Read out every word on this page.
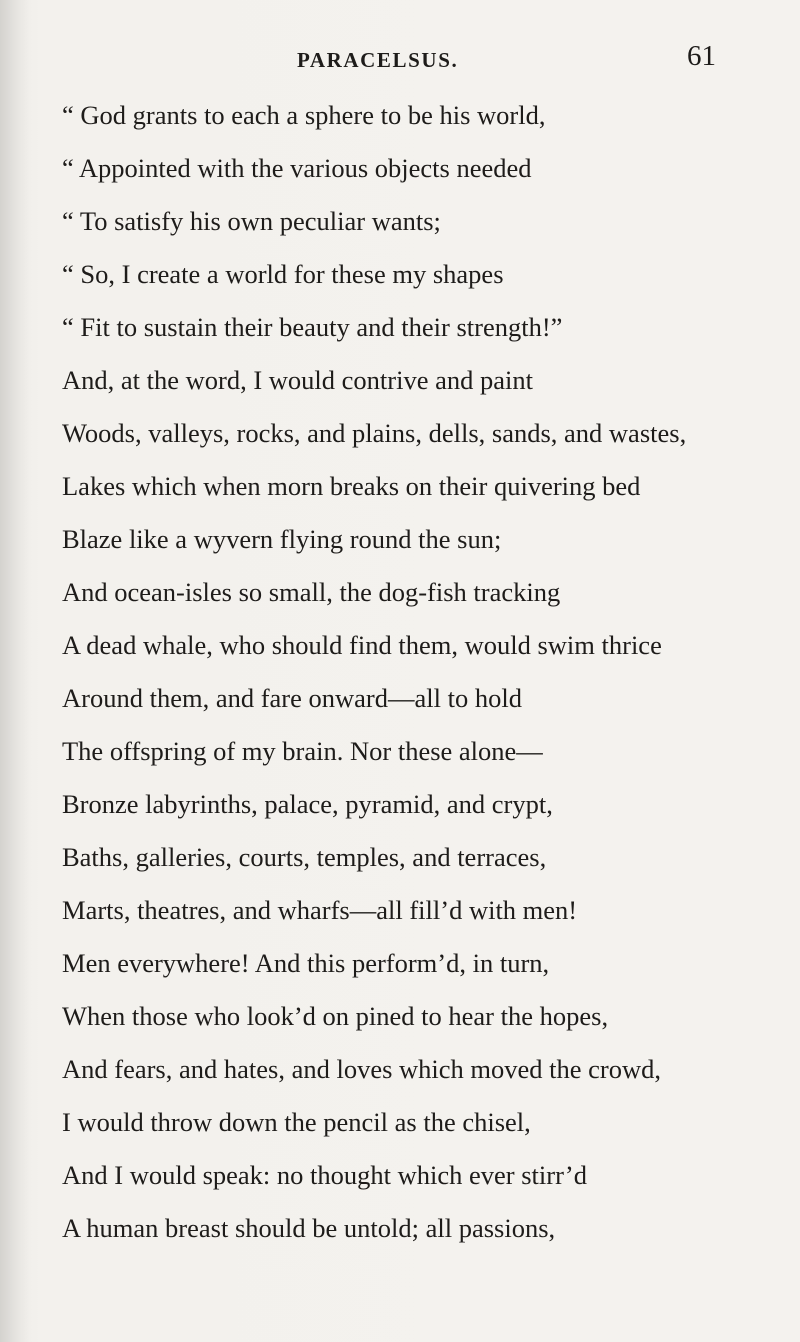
PARACELSUS.	61
“ God grants to each a sphere to be his world,
“ Appointed with the various objects needed
“ To satisfy his own peculiar wants;
“ So, I create a world for these my shapes
“ Fit to sustain their beauty and their strength!”
And, at the word, I would contrive and paint
Woods, valleys, rocks, and plains, dells, sands, and wastes,
Lakes which when morn breaks on their quivering bed
Blaze like a wyvern flying round the sun;
And ocean-isles so small, the dog-fish tracking
A dead whale, who should find them, would swim thrice
Around them, and fare onward—all to hold
The offspring of my brain. Nor these alone—
Bronze labyrinths, palace, pyramid, and crypt,
Baths, galleries, courts, temples, and terraces,
Marts, theatres, and wharfs—all fill’d with men!
Men everywhere! And this perform’d, in turn,
When those who look’d on pined to hear the hopes,
And fears, and hates, and loves which moved the crowd,
I would throw down the pencil as the chisel,
And I would speak: no thought which ever stirr’d
A human breast should be untold; all passions,
